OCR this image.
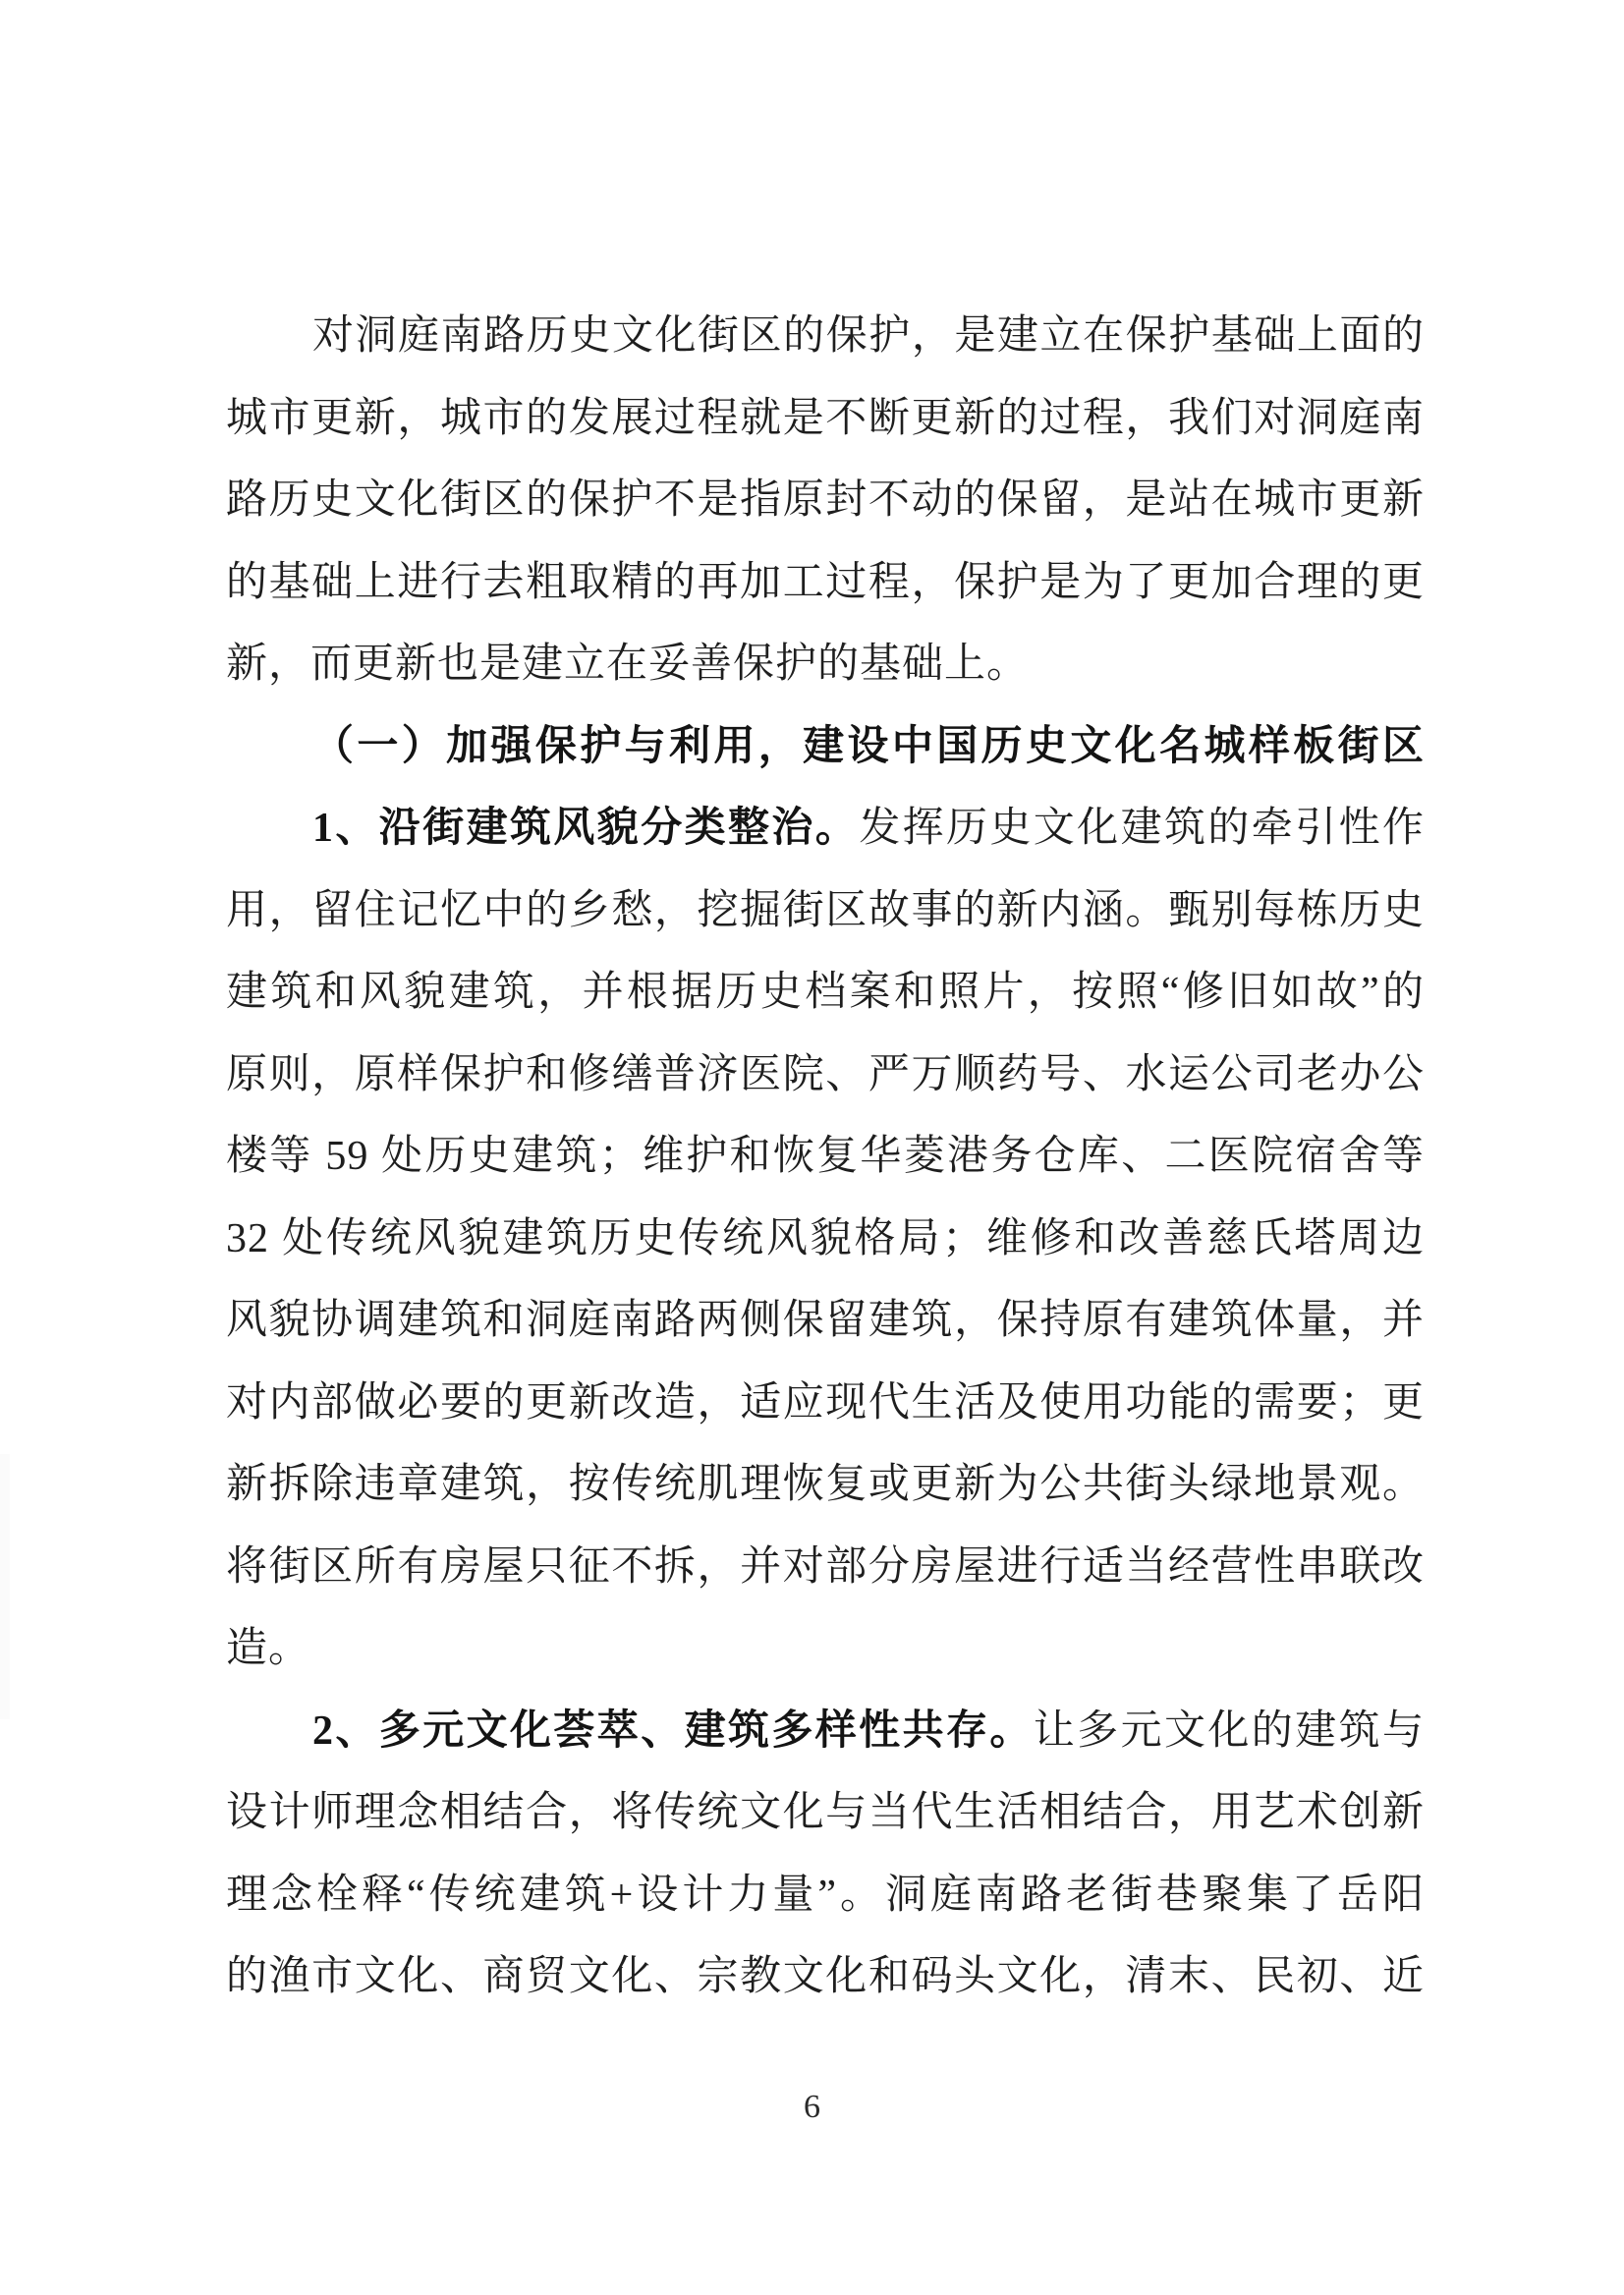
对洞庭南路历史文化街区的保护，是建立在保护基础上面的
城市更新，城市的发展过程就是不断更新的过程，我们对洞庭南
路历史文化街区的保护不是指原封不动的保留，是站在城市更新
的基础上进行去粗取精的再加工过程，保护是为了更加合理的更
新，而更新也是建立在妥善保护的基础上。
（一）加强保护与利用，建设中国历史文化名城样板街区
1、沿街建筑风貌分类整治。发挥历史文化建筑的牵引性作
用，留住记忆中的乡愁，挖掘街区故事的新内涵。甄别每栋历史
建筑和风貌建筑，并根据历史档案和照片，按照“修旧如故”的
原则，原样保护和修缮普济医院、严万顺药号、水运公司老办公
楼等 59 处历史建筑；维护和恢复华菱港务仓库、二医院宿舍等
32 处传统风貌建筑历史传统风貌格局；维修和改善慈氏塔周边
风貌协调建筑和洞庭南路两侧保留建筑，保持原有建筑体量，并
对内部做必要的更新改造，适应现代生活及使用功能的需要；更
新拆除违章建筑，按传统肌理恢复或更新为公共街头绿地景观。
将街区所有房屋只征不拆，并对部分房屋进行适当经营性串联改
造。
2、多元文化荟萃、建筑多样性共存。让多元文化的建筑与
设计师理念相结合，将传统文化与当代生活相结合，用艺术创新
理念栓释“传统建筑+设计力量”。洞庭南路老街巷聚集了岳阳
的渔市文化、商贸文化、宗教文化和码头文化，清末、民初、近
6
